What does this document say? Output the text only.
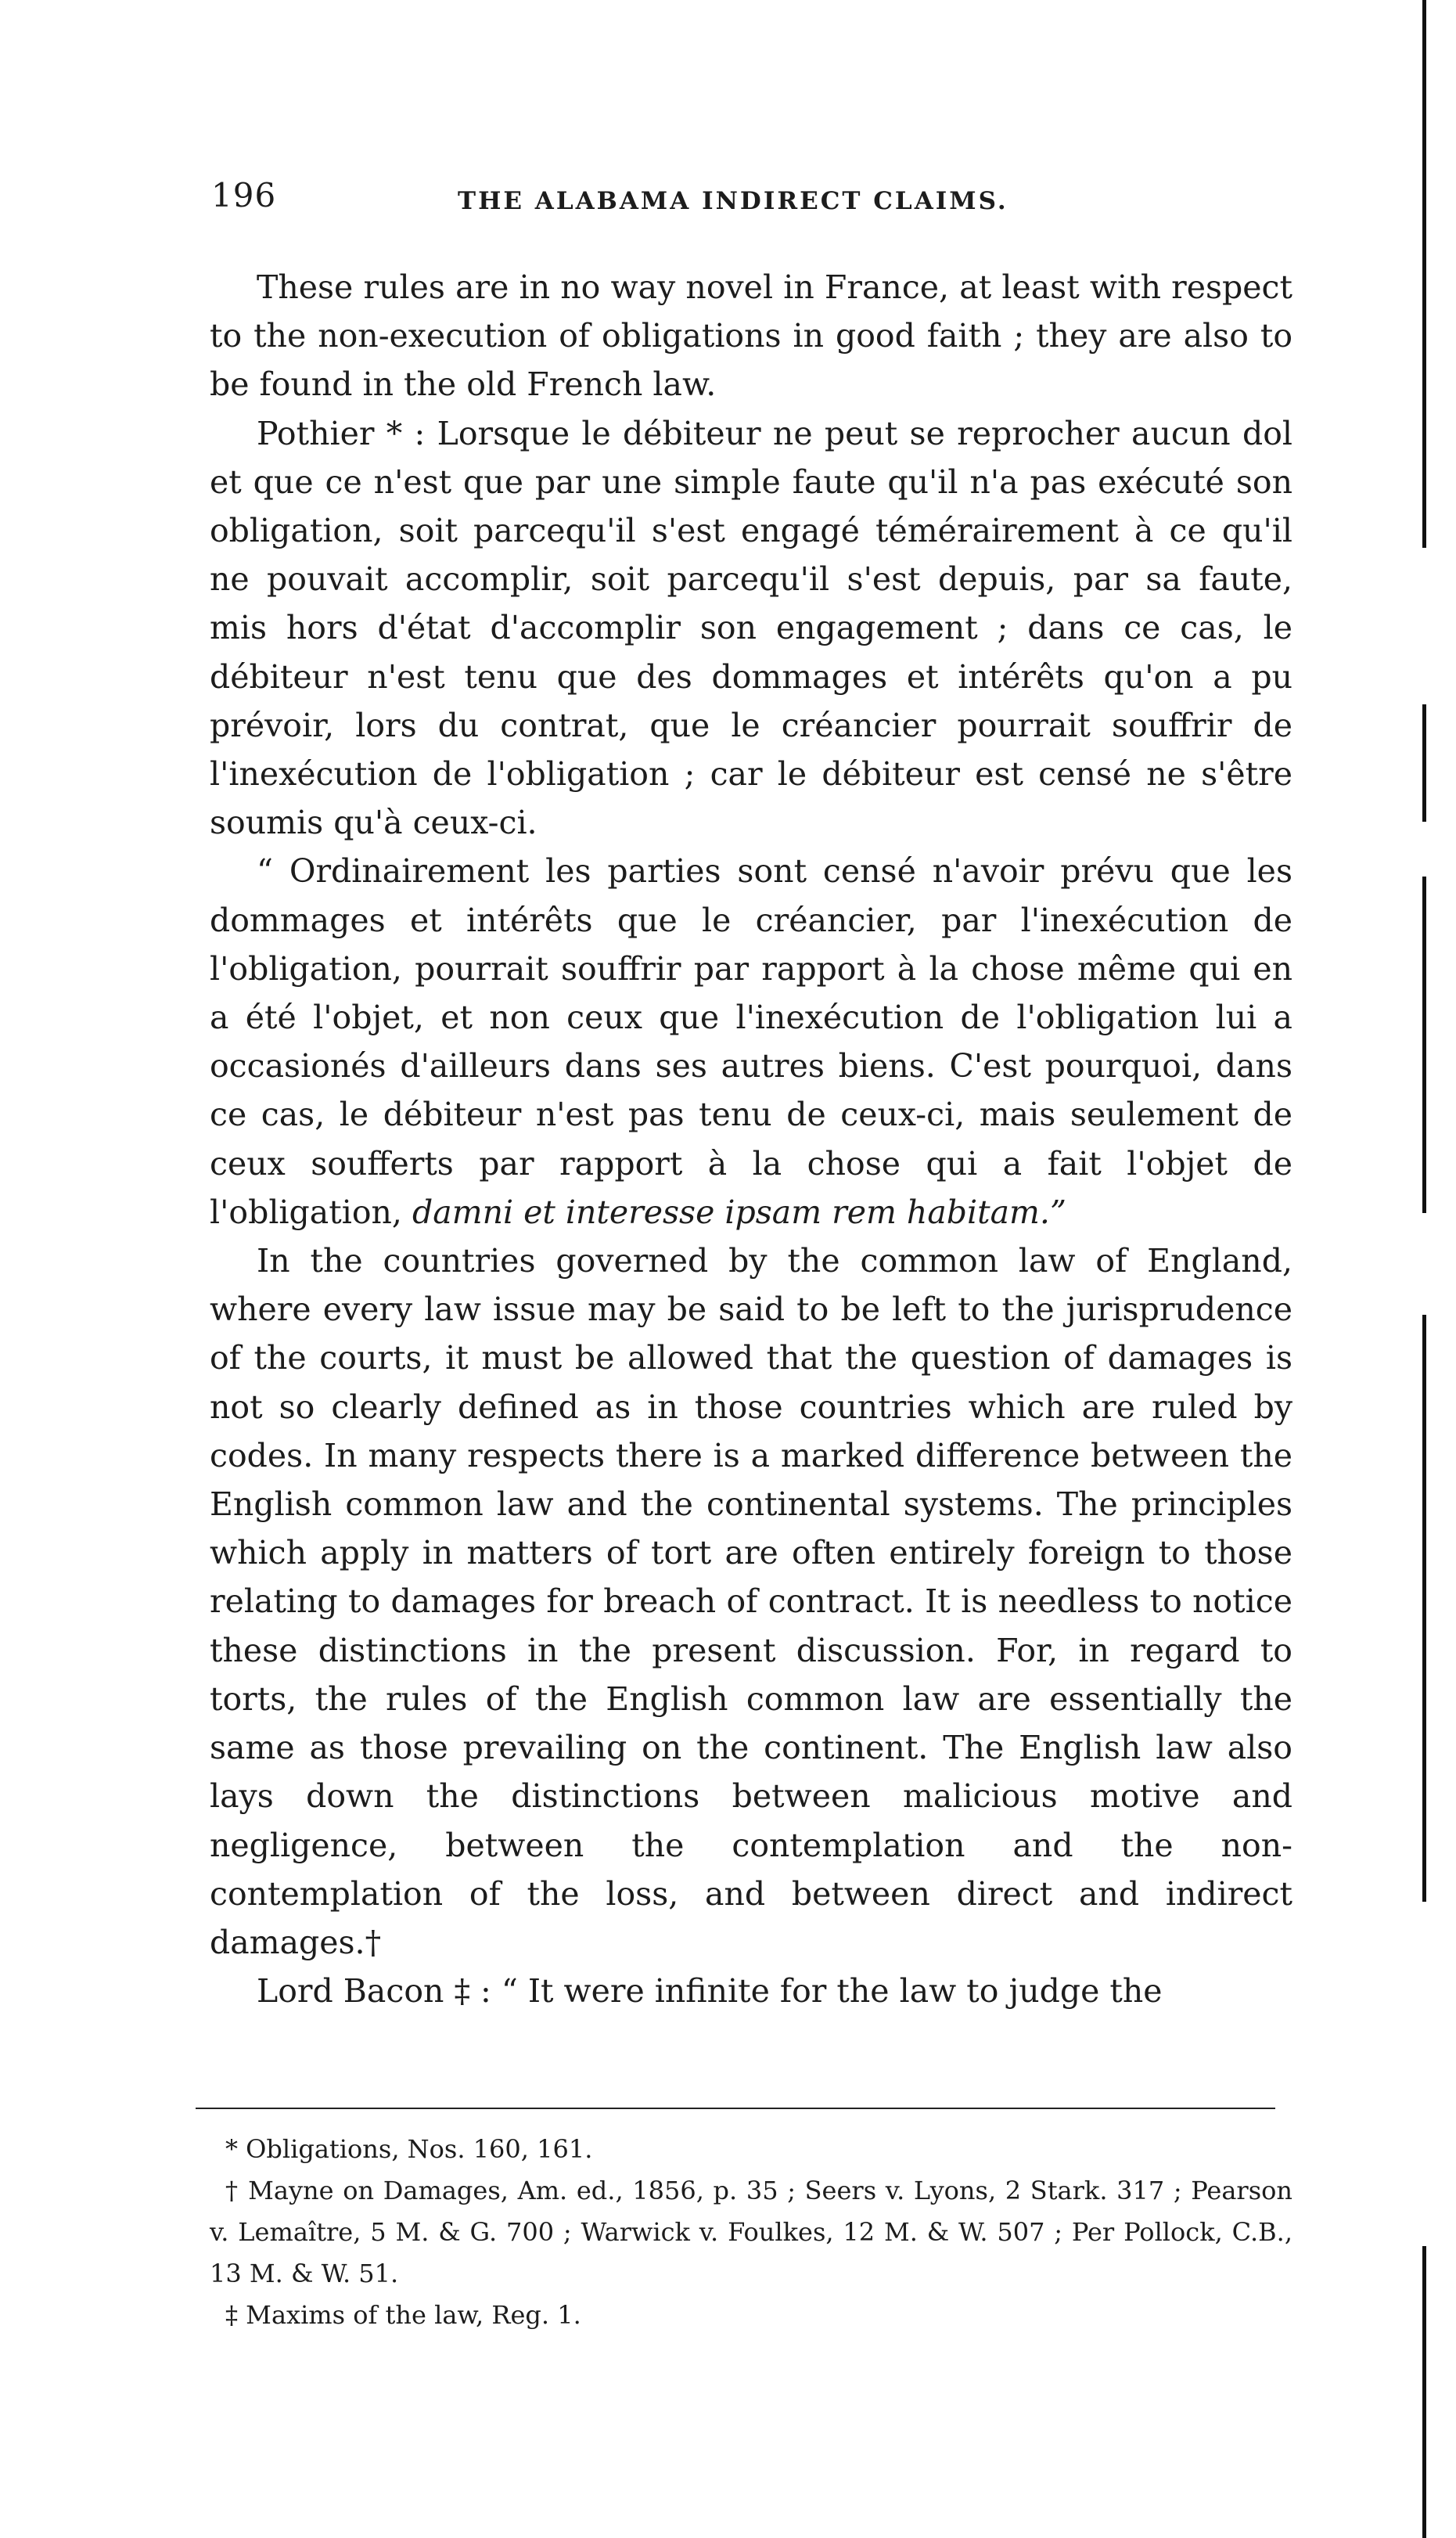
196	THE ALABAMA INDIRECT CLAIMS.

These rules are in no way novel in France, at least with respect to the non-execution of obligations in good faith ; they are also to be found in the old French law.

Pothier * : Lorsque le débiteur ne peut se reprocher aucun dol et que ce n'est que par une simple faute qu'il n'a pas exécuté son obligation, soit parcequ'il s'est engagé témérairement à ce qu'il ne pouvait accomplir, soit parcequ'il s'est depuis, par sa faute, mis hors d'état d'accomplir son engagement ; dans ce cas, le débiteur n'est tenu que des dommages et intérêts qu'on a pu prévoir, lors du contrat, que le créancier pourrait souffrir de l'inexécution de l'obligation ; car le débiteur est censé ne s'être soumis qu'à ceux-ci.

“ Ordinairement les parties sont censé n'avoir prévu que les dommages et intérêts que le créancier, par l'inexécution de l'obligation, pourrait souffrir par rapport à la chose même qui en a été l'objet, et non ceux que l'inexécution de l'obligation lui a occasionés d'ailleurs dans ses autres biens. C'est pourquoi, dans ce cas, le débiteur n'est pas tenu de ceux-ci, mais seulement de ceux soufferts par rapport à la chose qui a fait l'objet de l'obligation, damni et interesse ipsam rem habitam.”

In the countries governed by the common law of England, where every law issue may be said to be left to the jurisprudence of the courts, it must be allowed that the question of damages is not so clearly defined as in those countries which are ruled by codes. In many respects there is a marked difference between the English common law and the continental systems. The principles which apply in matters of tort are often entirely foreign to those relating to damages for breach of contract. It is needless to notice these distinctions in the present discussion. For, in regard to torts, the rules of the English common law are essentially the same as those prevailing on the continent. The English law also lays down the distinctions between malicious motive and negligence, between the contemplation and the non-contemplation of the loss, and between direct and indirect damages.†

Lord Bacon ‡ : “ It were infinite for the law to judge the

* Obligations, Nos. 160, 161.

† Mayne on Damages, Am. ed., 1856, p. 35 ; Seers v. Lyons, 2 Stark. 317 ; Pearson v. Lemaître, 5 M. & G. 700 ; Warwick v. Foulkes, 12 M. & W. 507 ; Per Pollock, C.B., 13 M. & W. 51.

‡ Maxims of the law, Reg. 1.
